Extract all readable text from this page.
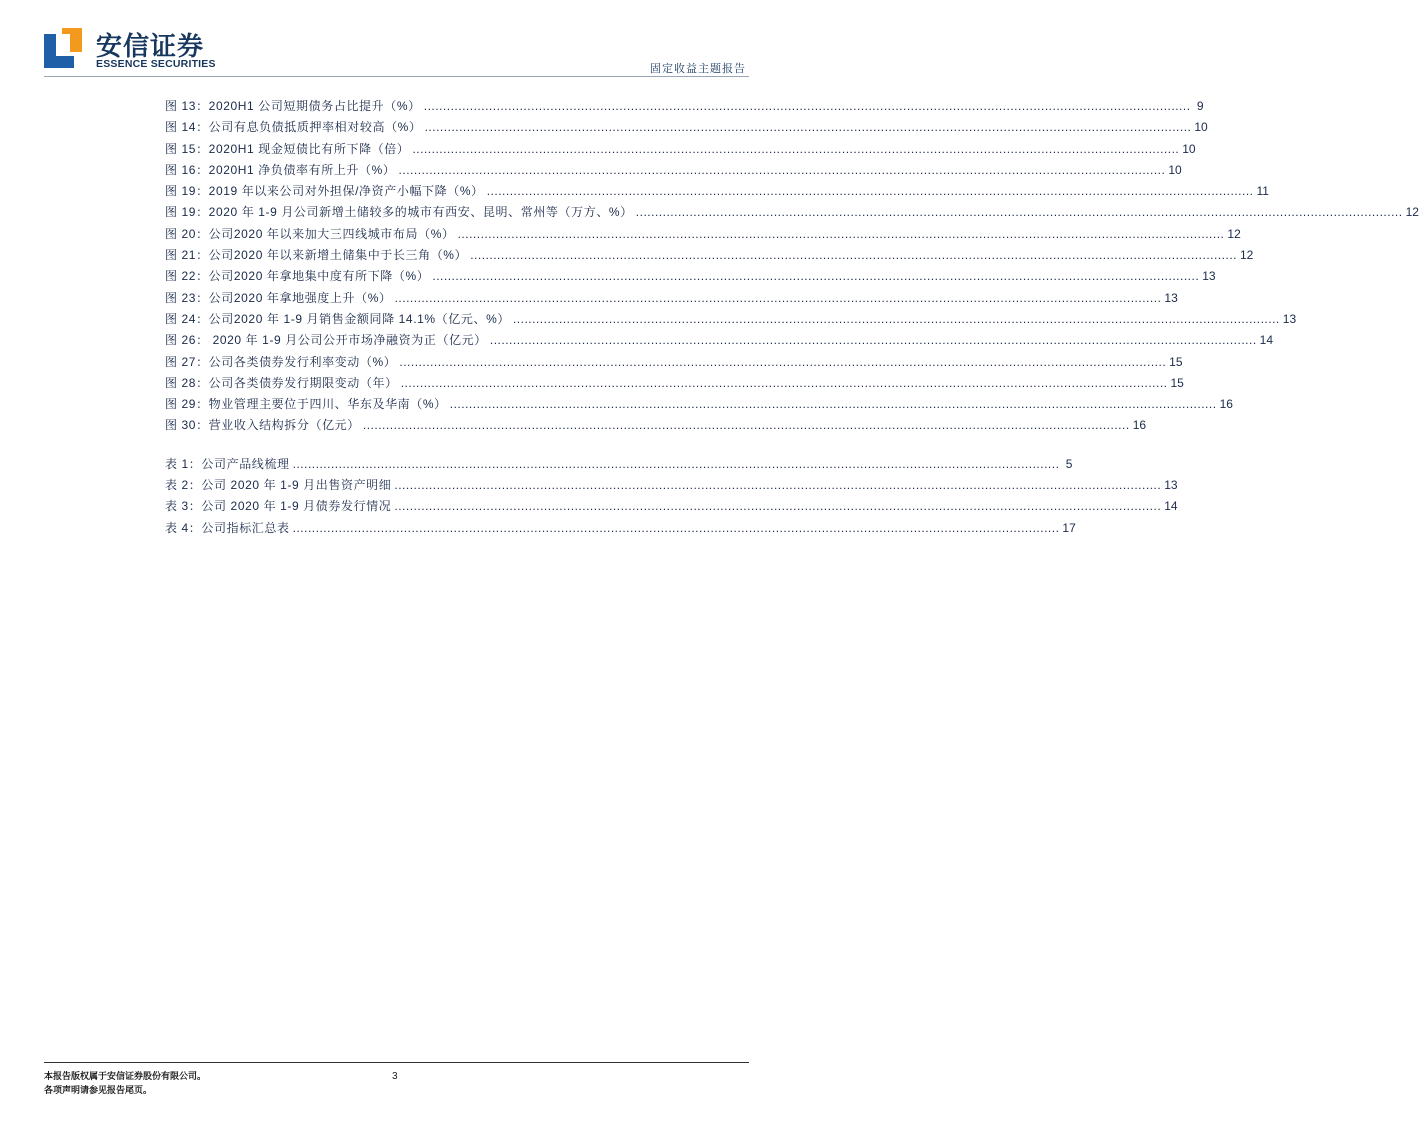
安信证券
ESSENCE SECURITIES	固定收益主题报告
图 13：2020H1 公司短期债务占比提升（%） ........................................................................................................................................................................................................ 9
图 14：公司有息负债抵质押率相对较高（%） ........................................................................................................................................................................................................ 10
图 15：2020H1 现金短债比有所下降（倍） ........................................................................................................................................................................................................ 10
图 16：2020H1 净负债率有所上升（%） ........................................................................................................................................................................................................ 10
图 19：2019 年以来公司对外担保/净资产小幅下降（%） ........................................................................................................................................................................................................ 11
图 19：2020 年 1-9 月公司新增土储较多的城市有西安、昆明、常州等（万方、%） ........................................................................................................................................................................................................ 12
图 20：公司2020 年以来加大三四线城市布局（%） ........................................................................................................................................................................................................ 12
图 21：公司2020 年以来新增土储集中于长三角（%） ........................................................................................................................................................................................................ 12
图 22：公司2020 年拿地集中度有所下降（%） ........................................................................................................................................................................................................ 13
图 23：公司2020 年拿地强度上升（%） ........................................................................................................................................................................................................ 13
图 24：公司2020 年 1-9 月销售金额同降 14.1%（亿元、%） ........................................................................................................................................................................................................ 13
图 26： 2020 年 1-9 月公司公开市场净融资为正（亿元） ........................................................................................................................................................................................................ 14
图 27：公司各类债券发行利率变动（%） ........................................................................................................................................................................................................ 15
图 28：公司各类债券发行期限变动（年） ........................................................................................................................................................................................................ 15
图 29：物业管理主要位于四川、华东及华南（%） ........................................................................................................................................................................................................ 16
图 30：营业收入结构拆分（亿元） ........................................................................................................................................................................................................ 16
表 1：公司产品线梳理 ........................................................................................................................................................................................................ 5
表 2：公司 2020 年 1-9 月出售资产明细 ........................................................................................................................................................................................................ 13
表 3：公司 2020 年 1-9 月债券发行情况 ........................................................................................................................................................................................................ 14
表 4：公司指标汇总表 ........................................................................................................................................................................................................ 17
本报告版权属于安信证券股份有限公司。
各项声明请参见报告尾页。
3
